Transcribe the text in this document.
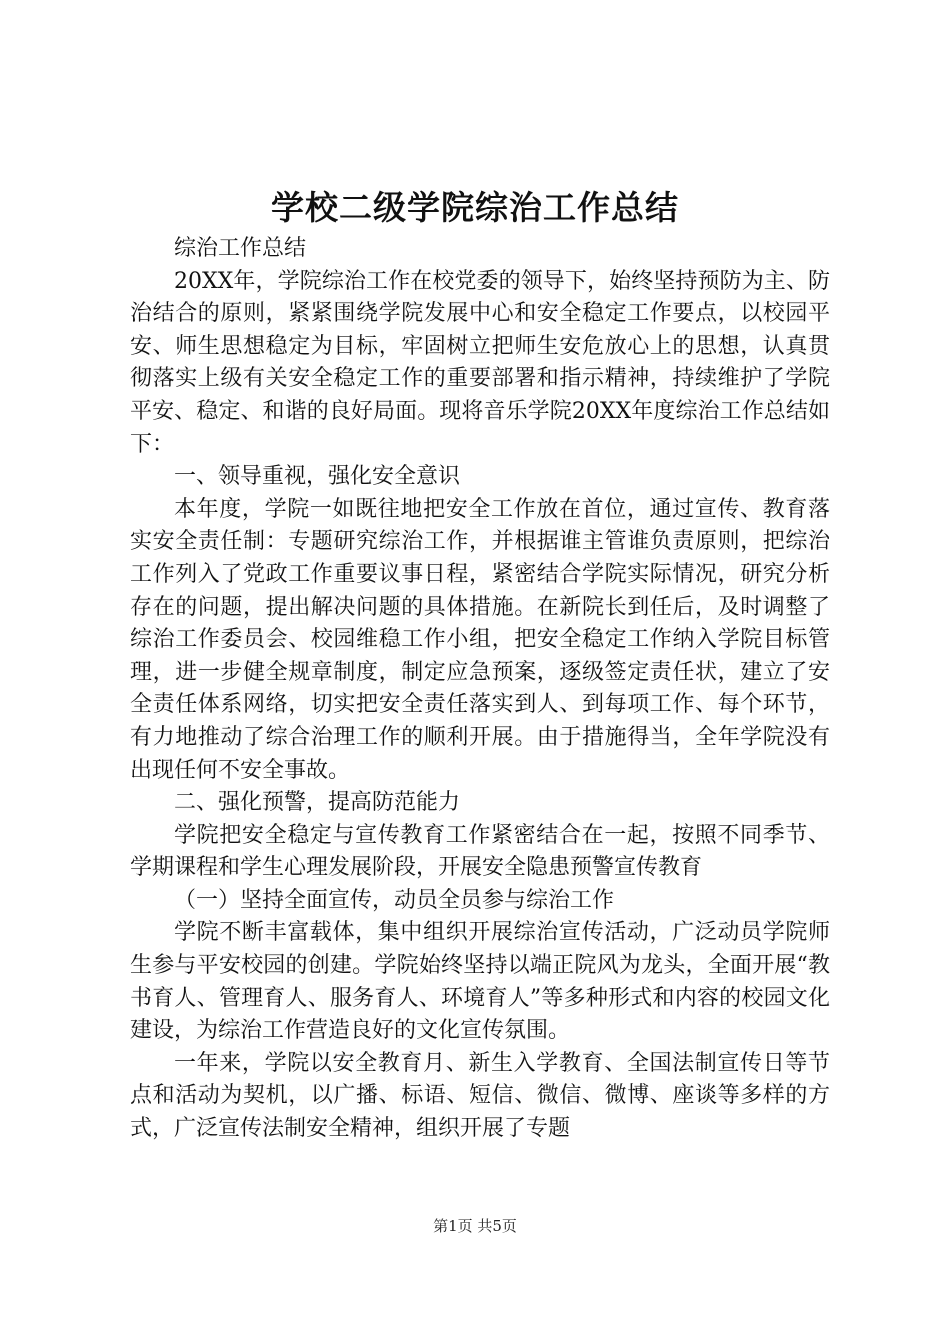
学校二级学院综治工作总结

综治工作总结

20XX年，学院综治工作在校党委的领导下，始终坚持预防为主、防治结合的原则，紧紧围绕学院发展中心和安全稳定工作要点，以校园平安、师生思想稳定为目标，牢固树立把师生安危放心上的思想，认真贯彻落实上级有关安全稳定工作的重要部署和指示精神，持续维护了学院平安、稳定、和谐的良好局面。现将音乐学院20XX年度综治工作总结如下：

一、领导重视，强化安全意识

本年度，学院一如既往地把安全工作放在首位，通过宣传、教育落实安全责任制：专题研究综治工作，并根据谁主管谁负责原则，把综治工作列入了党政工作重要议事日程，紧密结合学院实际情况，研究分析存在的问题，提出解决问题的具体措施。在新院长到任后，及时调整了综治工作委员会、校园维稳工作小组，把安全稳定工作纳入学院目标管理，进一步健全规章制度，制定应急预案，逐级签定责任状，建立了安全责任体系网络，切实把安全责任落实到人、到每项工作、每个环节，有力地推动了综合治理工作的顺利开展。由于措施得当，全年学院没有出现任何不安全事故。

二、强化预警，提高防范能力

学院把安全稳定与宣传教育工作紧密结合在一起，按照不同季节、学期课程和学生心理发展阶段，开展安全隐患预警宣传教育

（一）坚持全面宣传，动员全员参与综治工作

学院不断丰富载体，集中组织开展综治宣传活动，广泛动员学院师生参与平安校园的创建。学院始终坚持以端正院风为龙头，全面开展“教书育人、管理育人、服务育人、环境育人”等多种形式和内容的校园文化建设，为综治工作营造良好的文化宣传氛围。

一年来，学院以安全教育月、新生入学教育、全国法制宣传日等节点和活动为契机，以广播、标语、短信、微信、微博、座谈等多样的方式，广泛宣传法制安全精神，组织开展了专题

第1页 共5页
